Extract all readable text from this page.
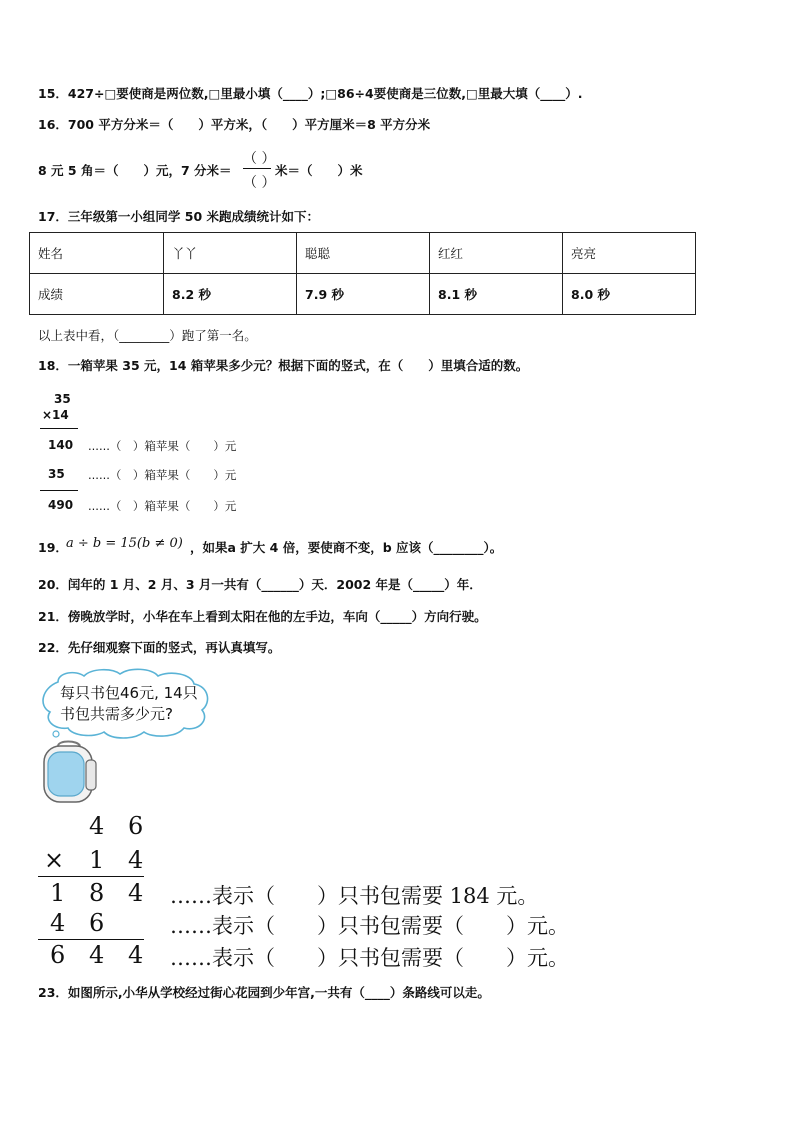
15．427÷□要使商是两位数,□里最小填（____）;□86÷4要使商是三位数,□里最大填（____）.
16．700 平方分米＝（　　）平方米，（　　）平方厘米＝8 平方分米
8 元 5 角＝（　　）元，7 分米＝
（ ）
（ ）
米＝（　　）米
17．三年级第一小组同学 50 米跑成绩统计如下：
姓名	丫丫	聪聪	红红	亮亮
成绩	8.2 秒	7.9 秒	8.1 秒	8.0 秒
以上表中看，（________）跑了第一名。
18．一箱苹果 35 元，14 箱苹果多少元？根据下面的竖式，在（　　）里填合适的数。
35
×14
140 ......（　）箱苹果（　　）元
35 ......（　）箱苹果（　　）元
490 ......（　）箱苹果（　　）元
19．
a ÷ b = 15(b ≠ 0) ，如果a 扩大 4 倍，要使商不变，b 应该（________）。
20．闰年的 1 月、2 月、3 月一共有（______）天．2002 年是（_____）年．
21．傍晚放学时，小华在车上看到太阳在他的左手边，车向（_____）方向行驶。
22．先仔细观察下面的竖式，再认真填写。
每只书包46元, 14只
书包共需多少元?
4 6
× 1 4
1 8 4 ……表示（　　）只书包需要 184 元。
4 6	……表示（　　）只书包需要（　　）元。
6 4 4 ……表示（　　）只书包需要（　　）元。
23．如图所示,小华从学校经过街心花园到少年宫,一共有（____）条路线可以走。
